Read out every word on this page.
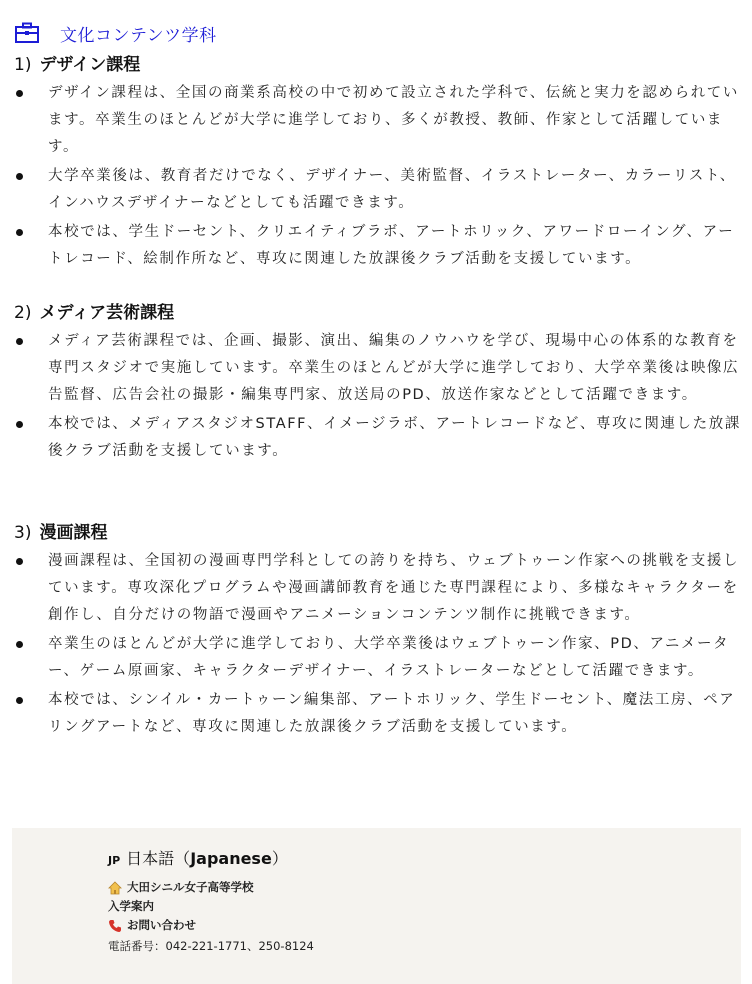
文化コンテンツ学科
1) デザイン課程
デザイン課程は、全国の商業系高校の中で初めて設立された学科で、伝統と実力を認められています。卒業生のほとんどが大学に進学しており、多くが教授、教師、作家として活躍しています。
大学卒業後は、教育者だけでなく、デザイナー、美術監督、イラストレーター、カラーリスト、インハウスデザイナーなどとしても活躍できます。
本校では、学生ドーセント、クリエイティブラボ、アートホリック、アワードローイング、アートレコード、絵制作所など、専攻に関連した放課後クラブ活動を支援しています。
2) メディア芸術課程
メディア芸術課程では、企画、撮影、演出、編集のノウハウを学び、現場中心の体系的な教育を専門スタジオで実施しています。卒業生のほとんどが大学に進学しており、大学卒業後は映像広告監督、広告会社の撮影・編集専門家、放送局のPD、放送作家などとして活躍できます。
本校では、メディアスタジオSTAFF、イメージラボ、アートレコードなど、専攻に関連した放課後クラブ活動を支援しています。
3) 漫画課程
漫画課程は、全国初の漫画専門学科としての誇りを持ち、ウェブトゥーン作家への挑戦を支援しています。専攻深化プログラムや漫画講師教育を通じた専門課程により、多様なキャラクターを創作し、自分だけの物語で漫画やアニメーションコンテンツ制作に挑戦できます。
卒業生のほとんどが大学に進学しており、大学卒業後はウェブトゥーン作家、PD、アニメーター、ゲーム原画家、キャラクターデザイナー、イラストレーターなどとして活躍できます。
本校では、シンイル・カートゥーン編集部、アートホリック、学生ドーセント、魔法工房、ペアリングアートなど、専攻に関連した放課後クラブ活動を支援しています。
JP 日本語（Japanese）
大田シニル女子高等学校
入学案内
お問い合わせ
電話番号：042-221-1771、250-8124
